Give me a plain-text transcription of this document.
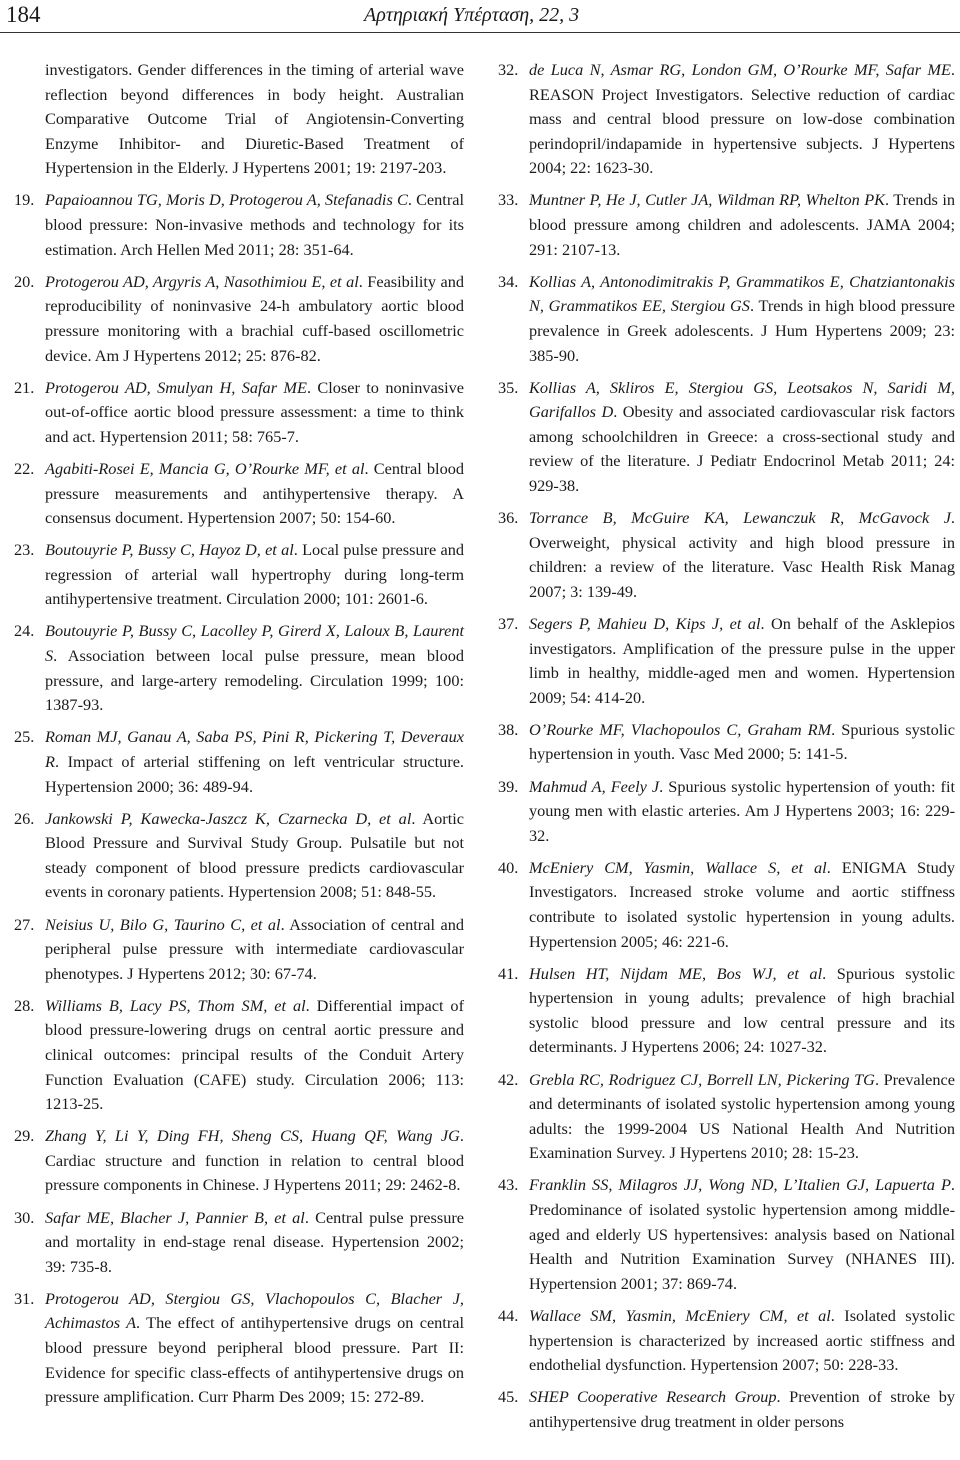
184	Αρτηριακή Υπέρταση, 22, 3

investigators. Gender differences in the timing of arterial wave reflection beyond differences in body height. Australian Comparative Outcome Trial of Angiotensin-Converting Enzyme Inhibitor- and Diuretic-Based Treatment of Hypertension in the Elderly. J Hypertens 2001; 19: 2197-203.

19. Papaioannou TG, Moris D, Protogerou A, Stefanadis C. Central blood pressure: Non-invasive methods and technology for its estimation. Arch Hellen Med 2011; 28: 351-64.

20. Protogerou AD, Argyris A, Nasothimiou E, et al. Feasibility and reproducibility of noninvasive 24-h ambulatory aortic blood pressure monitoring with a brachial cuff-based oscillometric device. Am J Hypertens 2012; 25: 876-82.

21. Protogerou AD, Smulyan H, Safar ME. Closer to noninvasive out-of-office aortic blood pressure assessment: a time to think and act. Hypertension 2011; 58: 765-7.

22. Agabiti-Rosei E, Mancia G, O’Rourke MF, et al. Central blood pressure measurements and antihypertensive therapy. A consensus document. Hypertension 2007; 50: 154-60.

23. Boutouyrie P, Bussy C, Hayoz D, et al. Local pulse pressure and regression of arterial wall hypertrophy during long-term antihypertensive treatment. Circulation 2000; 101: 2601-6.

24. Boutouyrie P, Bussy C, Lacolley P, Girerd X, Laloux B, Laurent S. Association between local pulse pressure, mean blood pressure, and large-artery remodeling. Circulation 1999; 100: 1387-93.

25. Roman MJ, Ganau A, Saba PS, Pini R, Pickering T, Deveraux R. Impact of arterial stiffening on left ventricular structure. Hypertension 2000; 36: 489-94.

26. Jankowski P, Kawecka-Jaszcz K, Czarnecka D, et al. Aortic Blood Pressure and Survival Study Group. Pulsatile but not steady component of blood pressure predicts cardiovascular events in coronary patients. Hypertension 2008; 51: 848-55.

27. Neisius U, Bilo G, Taurino C, et al. Association of central and peripheral pulse pressure with intermediate cardiovascular phenotypes. J Hypertens 2012; 30: 67-74.

28. Williams B, Lacy PS, Thom SM, et al. Differential impact of blood pressure-lowering drugs on central aortic pressure and clinical outcomes: principal results of the Conduit Artery Function Evaluation (CAFE) study. Circulation 2006; 113: 1213-25.

29. Zhang Y, Li Y, Ding FH, Sheng CS, Huang QF, Wang JG. Cardiac structure and function in relation to central blood pressure components in Chinese. J Hypertens 2011; 29: 2462-8.

30. Safar ME, Blacher J, Pannier B, et al. Central pulse pressure and mortality in end-stage renal disease. Hypertension 2002; 39: 735-8.

31. Protogerou AD, Stergiou GS, Vlachopoulos C, Blacher J, Achimastos A. The effect of antihypertensive drugs on central blood pressure beyond peripheral blood pressure. Part II: Evidence for specific class-effects of antihypertensive drugs on pressure amplification. Curr Pharm Des 2009; 15: 272-89.

32. de Luca N, Asmar RG, London GM, O’Rourke MF, Safar ME. REASON Project Investigators. Selective reduction of cardiac mass and central blood pressure on low-dose combination perindopril/indapamide in hypertensive subjects. J Hypertens 2004; 22: 1623-30.

33. Muntner P, He J, Cutler JA, Wildman RP, Whelton PK. Trends in blood pressure among children and adolescents. JAMA 2004; 291: 2107-13.

34. Kollias A, Antonodimitrakis P, Grammatikos E, Chatziantonakis N, Grammatikos EE, Stergiou GS. Trends in high blood pressure prevalence in Greek adolescents. J Hum Hypertens 2009; 23: 385-90.

35. Kollias A, Skliros E, Stergiou GS, Leotsakos N, Saridi M, Garifallos D. Obesity and associated cardiovascular risk factors among schoolchildren in Greece: a cross-sectional study and review of the literature. J Pediatr Endocrinol Metab 2011; 24: 929-38.

36. Torrance B, McGuire KA, Lewanczuk R, McGavock J. Overweight, physical activity and high blood pressure in children: a review of the literature. Vasc Health Risk Manag 2007; 3: 139-49.

37. Segers P, Mahieu D, Kips J, et al. On behalf of the Asklepios investigators. Amplification of the pressure pulse in the upper limb in healthy, middle-aged men and women. Hypertension 2009; 54: 414-20.

38. O’Rourke MF, Vlachopoulos C, Graham RM. Spurious systolic hypertension in youth. Vasc Med 2000; 5: 141-5.

39. Mahmud A, Feely J. Spurious systolic hypertension of youth: fit young men with elastic arteries. Am J Hypertens 2003; 16: 229-32.

40. McEniery CM, Yasmin, Wallace S, et al. ENIGMA Study Investigators. Increased stroke volume and aortic stiffness contribute to isolated systolic hypertension in young adults. Hypertension 2005; 46: 221-6.

41. Hulsen HT, Nijdam ME, Bos WJ, et al. Spurious systolic hypertension in young adults; prevalence of high brachial systolic blood pressure and low central pressure and its determinants. J Hypertens 2006; 24: 1027-32.

42. Grebla RC, Rodriguez CJ, Borrell LN, Pickering TG. Prevalence and determinants of isolated systolic hypertension among young adults: the 1999-2004 US National Health And Nutrition Examination Survey. J Hypertens 2010; 28: 15-23.

43. Franklin SS, Milagros JJ, Wong ND, L’Italien GJ, Lapuerta P. Predominance of isolated systolic hypertension among middle-aged and elderly US hypertensives: analysis based on National Health and Nutrition Examination Survey (NHANES III). Hypertension 2001; 37: 869-74.

44. Wallace SM, Yasmin, McEniery CM, et al. Isolated systolic hypertension is characterized by increased aortic stiffness and endothelial dysfunction. Hypertension 2007; 50: 228-33.

45. SHEP Cooperative Research Group. Prevention of stroke by antihypertensive drug treatment in older persons
